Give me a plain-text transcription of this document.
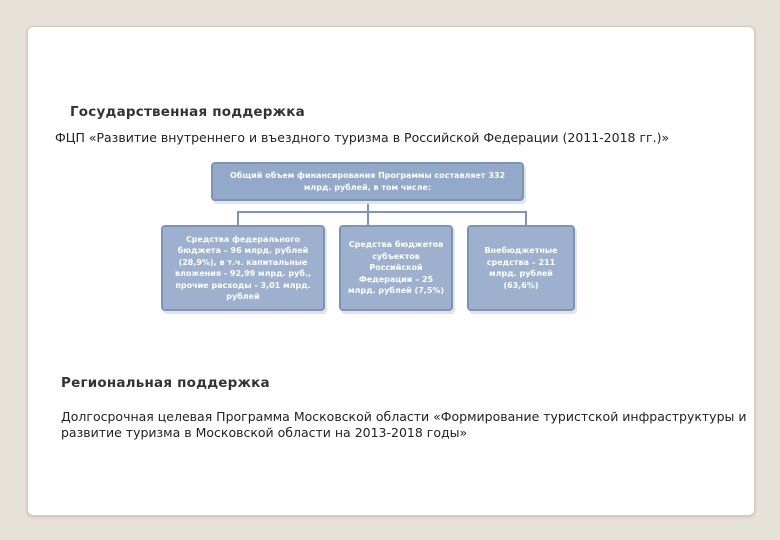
Государственная поддержка
ФЦП «Развитие внутреннего и въездного туризма в Российской Федерации (2011-2018 гг.)»
Общий объем финансирования Программы составляет 332 млрд. рублей, в том числе:
Средства федерального бюджета – 96 млрд. рублей (28,9%), в т.ч. капитальные вложения - 92,99 млрд. руб., прочие расходы - 3,01 млрд. рублей
Средства бюджетов субъектов Российской Федерации – 25 млрд. рублей (7,5%)
Внебюджетные средства – 211 млрд. рублей (63,6%)
Региональная поддержка
Долгосрочная целевая Программа Московской области «Формирование туристской инфраструктуры и развитие туризма в Московской области на 2013-2018 годы»
